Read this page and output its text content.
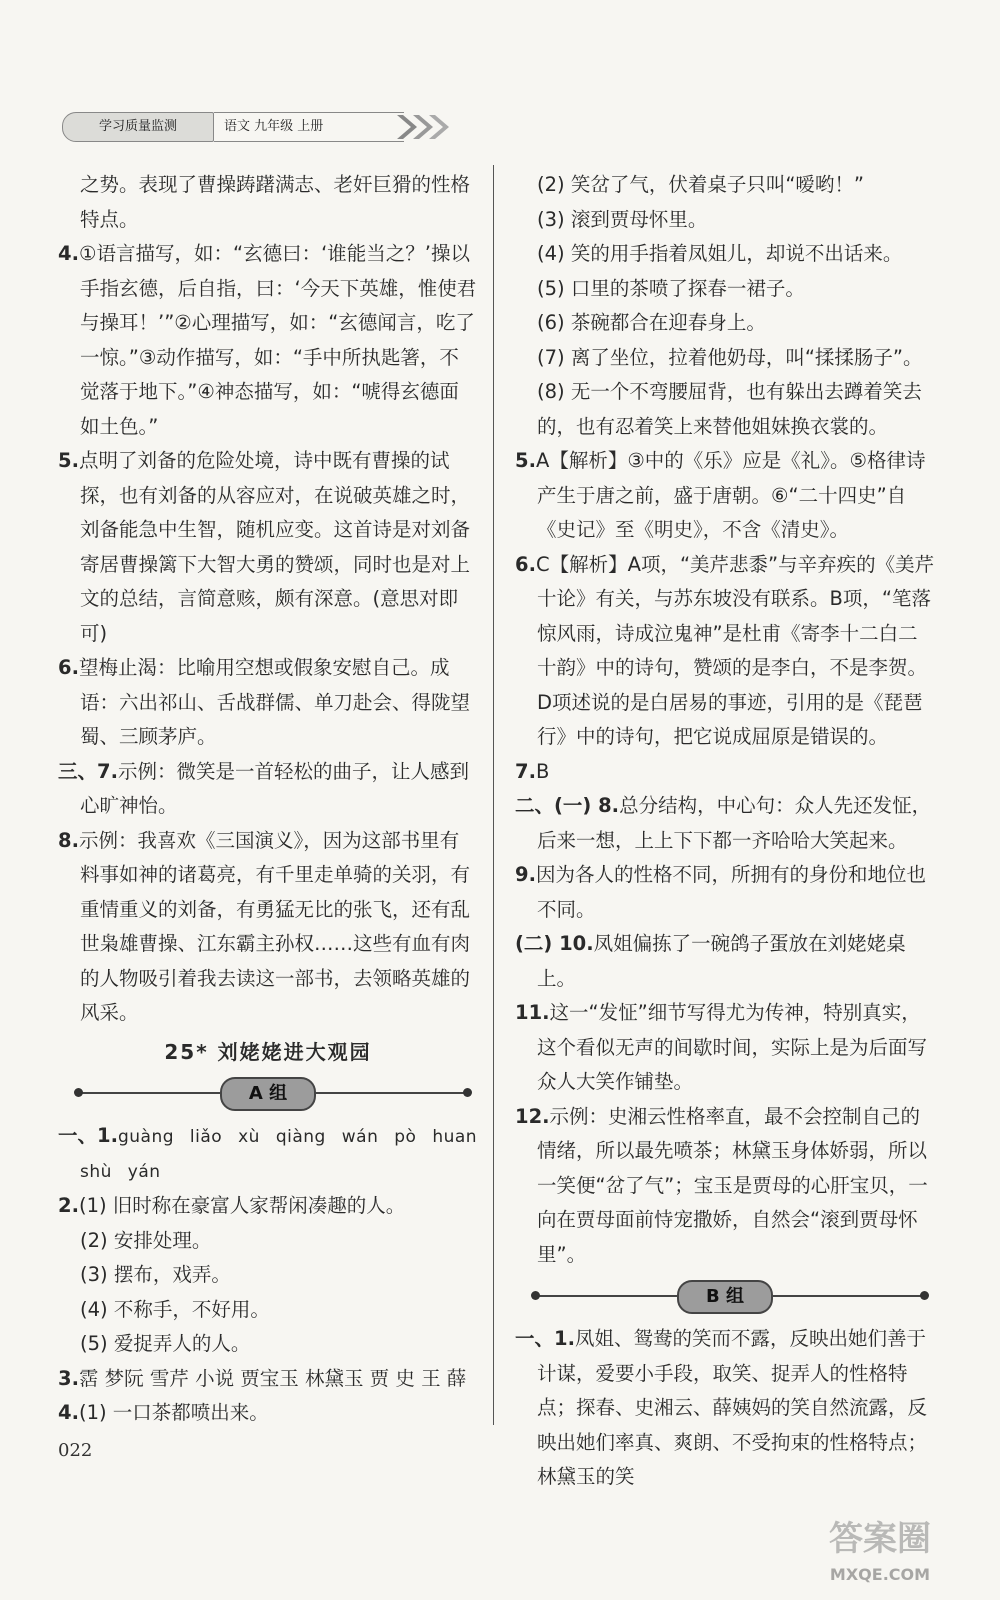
学习质量监测	语文 九年级 上册

之势。表现了曹操踌躇满志、老奸巨猾的性格特点。

4.①语言描写，如：“玄德曰：‘谁能当之？’操以手指玄德，后自指，曰：‘今天下英雄，惟使君与操耳！’”②心理描写，如：“玄德闻言，吃了一惊。”③动作描写，如：“手中所执匙箸，不觉落于地下。”④神态描写，如：“唬得玄德面如土色。”

5.点明了刘备的危险处境，诗中既有曹操的试探，也有刘备的从容应对，在说破英雄之时，刘备能急中生智，随机应变。这首诗是对刘备寄居曹操篱下大智大勇的赞颂，同时也是对上文的总结，言简意赅，颇有深意。(意思对即可)

6.望梅止渴：比喻用空想或假象安慰自己。成语：六出祁山、舌战群儒、单刀赴会、得陇望蜀、三顾茅庐。

三、7.示例：微笑是一首轻松的曲子，让人感到心旷神怡。

8.示例：我喜欢《三国演义》，因为这部书里有料事如神的诸葛亮，有千里走单骑的关羽，有重情重义的刘备，有勇猛无比的张飞，还有乱世枭雄曹操、江东霸主孙权……这些有血有肉的人物吸引着我去读这一部书，去领略英雄的风采。

25* 刘姥姥进大观园
A 组

一、1.guàng liǎo xù qiàng wán pò huan

shù yán

2.(1) 旧时称在豪富人家帮闲凑趣的人。

(2) 安排处理。

(3) 摆布，戏弄。

(4) 不称手，不好用。

(5) 爱捉弄人的人。

3.霑 梦阮 雪芹 小说 贾宝玉 林黛玉 贾 史 王 薛

4.(1) 一口茶都喷出来。

(2) 笑岔了气，伏着桌子只叫“嗳哟！”

(3) 滚到贾母怀里。

(4) 笑的用手指着凤姐儿，却说不出话来。

(5) 口里的茶喷了探春一裙子。

(6) 茶碗都合在迎春身上。

(7) 离了坐位，拉着他奶母，叫“揉揉肠子”。

(8) 无一个不弯腰屈背，也有躲出去蹲着笑去的，也有忍着笑上来替他姐妹换衣裳的。

5.A【解析】③中的《乐》应是《礼》。⑤格律诗产生于唐之前，盛于唐朝。⑥“二十四史”自《史记》至《明史》，不含《清史》。

6.C【解析】A项，“美芹悲黍”与辛弃疾的《美芹十论》有关，与苏东坡没有联系。B项，“笔落惊风雨，诗成泣鬼神”是杜甫《寄李十二白二十韵》中的诗句，赞颂的是李白，不是李贺。D项述说的是白居易的事迹，引用的是《琵琶行》中的诗句，把它说成屈原是错误的。

7.B

二、(一) 8.总分结构，中心句：众人先还发怔，后来一想，上上下下都一齐哈哈大笑起来。

9.因为各人的性格不同，所拥有的身份和地位也不同。

(二) 10.凤姐偏拣了一碗鸽子蛋放在刘姥姥桌上。

11.这一“发怔”细节写得尤为传神，特别真实，这个看似无声的间歇时间，实际上是为后面写众人大笑作铺垫。

12.示例：史湘云性格率直，最不会控制自己的情绪，所以最先喷茶；林黛玉身体娇弱，所以一笑便“岔了气”；宝玉是贾母的心肝宝贝，一向在贾母面前恃宠撒娇，自然会“滚到贾母怀里”。

B 组

一、1.凤姐、鸳鸯的笑而不露，反映出她们善于计谋，爱要小手段，取笑、捉弄人的性格特点；探春、史湘云、薛姨妈的笑自然流露，反映出她们率真、爽朗、不受拘束的性格特点；林黛玉的笑

022
答案圈
MXQE.COM
